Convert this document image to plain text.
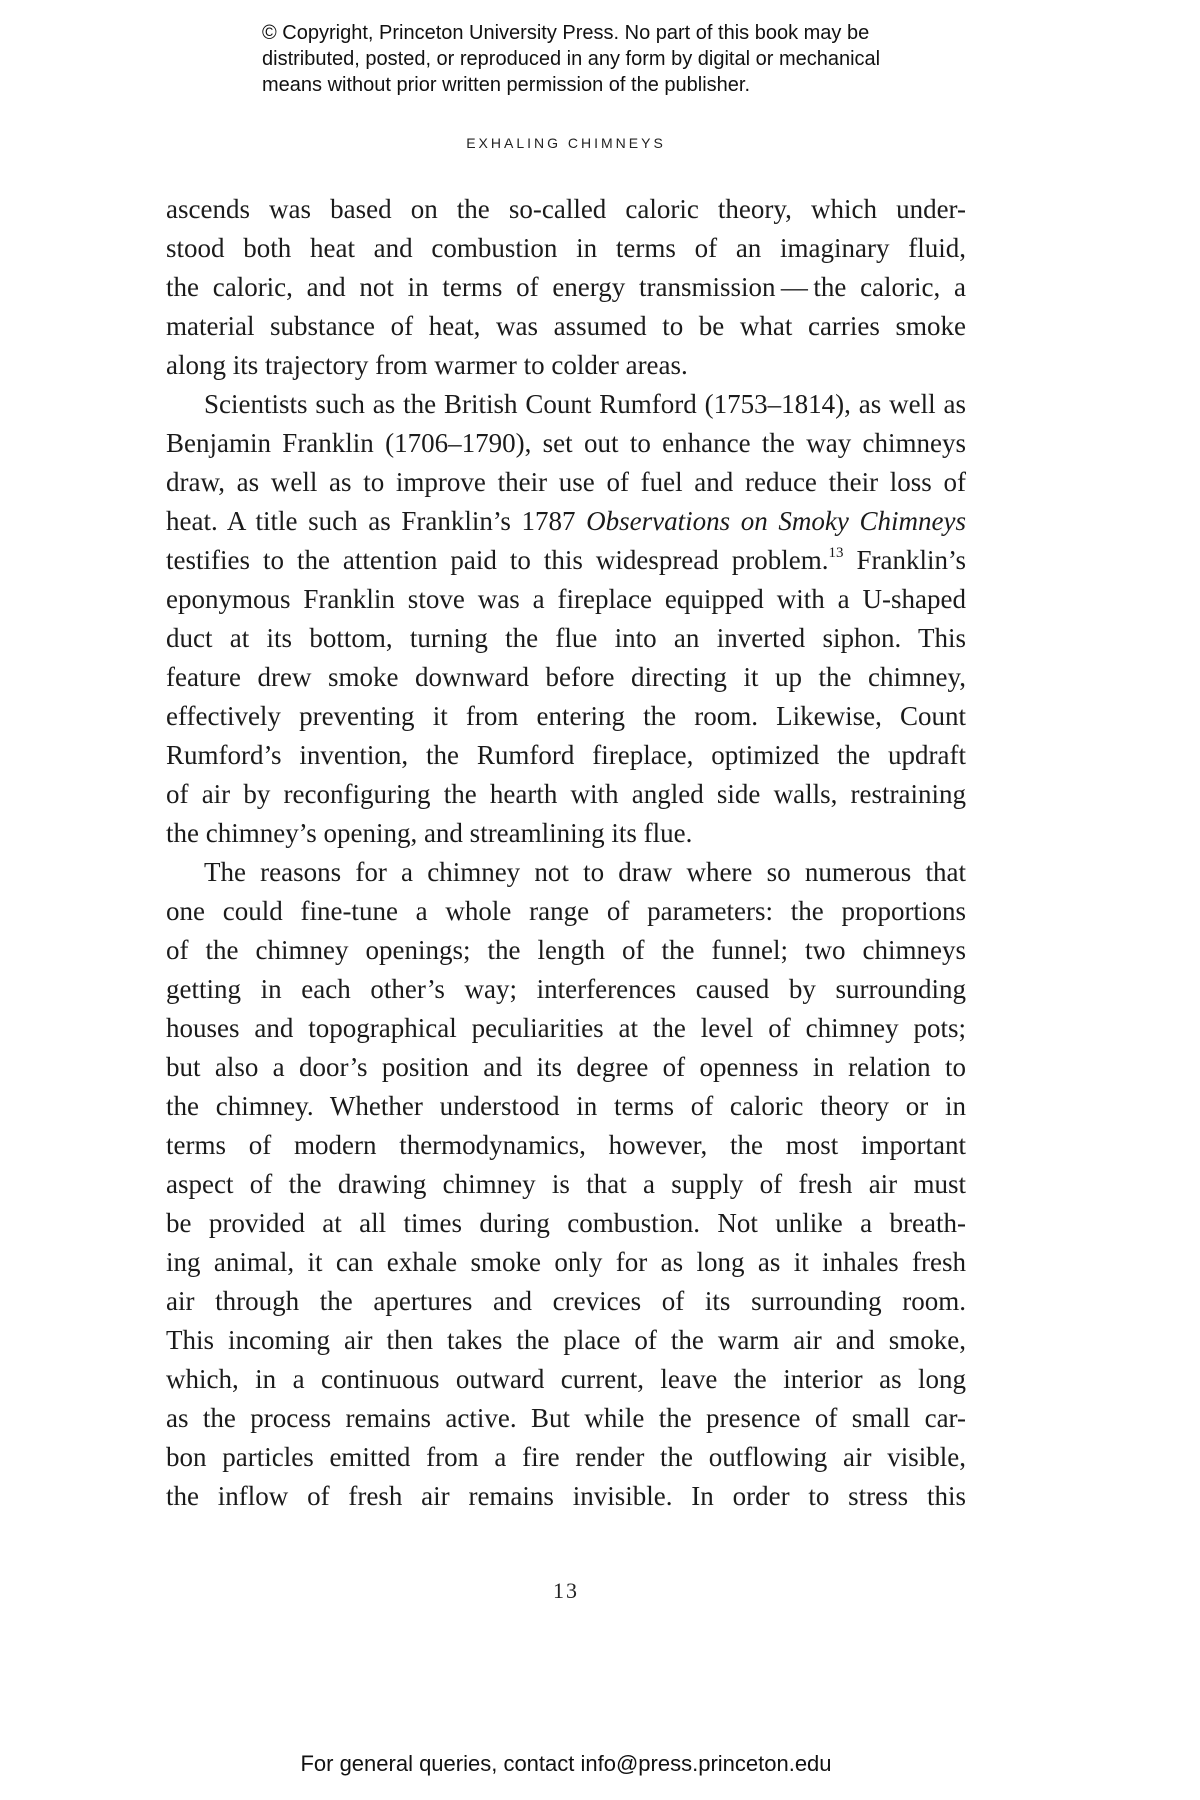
© Copyright, Princeton University Press. No part of this book may be
distributed, posted, or reproduced in any form by digital or mechanical
means without prior written permission of the publisher.
EXHALING CHIMNEYS
ascends was based on the so-called caloric theory, which under-
stood both heat and combustion in terms of an imaginary fluid,
the caloric, and not in terms of energy transmission — the caloric, a
material substance of heat, was assumed to be what carries smoke
along its trajectory from warmer to colder areas.
Scientists such as the British Count Rumford (1753–1814), as well as
Benjamin Franklin (1706–1790), set out to enhance the way chimneys
draw, as well as to improve their use of fuel and reduce their loss of
heat. A title such as Franklin’s 1787 Observations on Smoky Chimneys
testifies to the attention paid to this widespread problem.$^{13}$ Franklin’s
eponymous Franklin stove was a fireplace equipped with a U-shaped
duct at its bottom, turning the flue into an inverted siphon. This
feature drew smoke downward before directing it up the chimney,
effectively preventing it from entering the room. Likewise, Count
Rumford’s invention, the Rumford fireplace, optimized the updraft
of air by reconfiguring the hearth with angled side walls, restraining
the chimney’s opening, and streamlining its flue.
The reasons for a chimney not to draw where so numerous that
one could fine-tune a whole range of parameters: the proportions
of the chimney openings; the length of the funnel; two chimneys
getting in each other’s way; interferences caused by surrounding
houses and topographical peculiarities at the level of chimney pots;
but also a door’s position and its degree of openness in relation to
the chimney. Whether understood in terms of caloric theory or in
terms of modern thermodynamics, however, the most important
aspect of the drawing chimney is that a supply of fresh air must
be provided at all times during combustion. Not unlike a breath-
ing animal, it can exhale smoke only for as long as it inhales fresh
air through the apertures and crevices of its surrounding room.
This incoming air then takes the place of the warm air and smoke,
which, in a continuous outward current, leave the interior as long
as the process remains active. But while the presence of small car-
bon particles emitted from a fire render the outflowing air visible,
the inflow of fresh air remains invisible. In order to stress this
13
For general queries, contact info@press.princeton.edu
